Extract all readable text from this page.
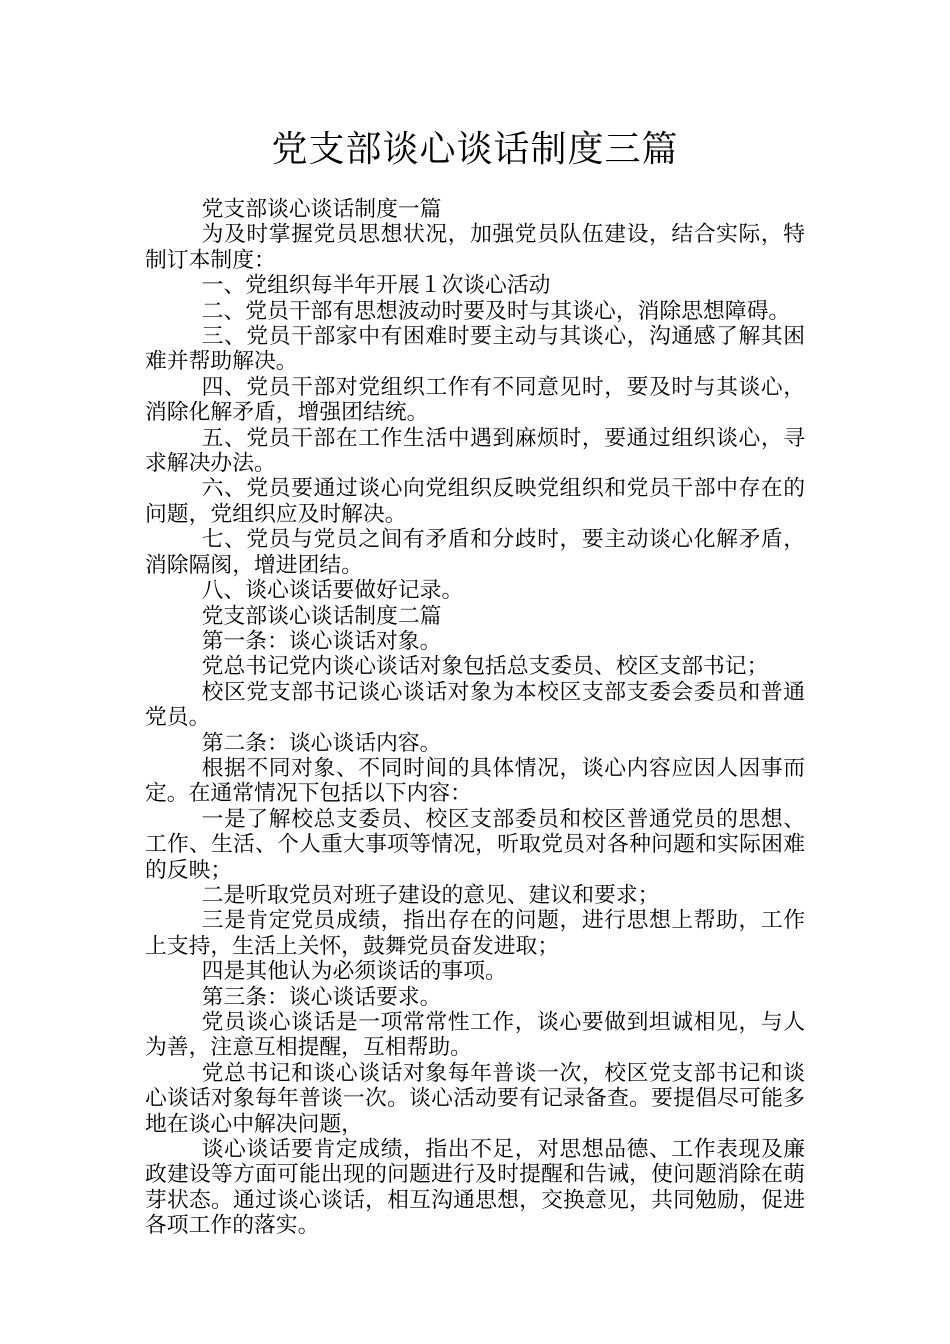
党支部谈心谈话制度三篇

党支部谈心谈话制度一篇

为及时掌握党员思想状况，加强党员队伍建设，结合实际，特制订本制度：

一、党组织每半年开展１次谈心活动

二、党员干部有思想波动时要及时与其谈心，消除思想障碍。

三、党员干部家中有困难时要主动与其谈心，沟通感了解其困难并帮助解决。

四、党员干部对党组织工作有不同意见时，要及时与其谈心，消除化解矛盾，增强团结统。

五、党员干部在工作生活中遇到麻烦时，要通过组织谈心，寻求解决办法。

六、党员要通过谈心向党组织反映党组织和党员干部中存在的问题，党组织应及时解决。

七、党员与党员之间有矛盾和分歧时，要主动谈心化解矛盾，消除隔阂，增进团结。

八、谈心谈话要做好记录。

党支部谈心谈话制度二篇

第一条：谈心谈话对象。

党总书记党内谈心谈话对象包括总支委员、校区支部书记；

校区党支部书记谈心谈话对象为本校区支部支委会委员和普通党员。

第二条：谈心谈话内容。

根据不同对象、不同时间的具体情况，谈心内容应因人因事而定。在通常情况下包括以下内容：

一是了解校总支委员、校区支部委员和校区普通党员的思想、工作、生活、个人重大事项等情况，听取党员对各种问题和实际困难的反映；

二是听取党员对班子建设的意见、建议和要求；

三是肯定党员成绩，指出存在的问题，进行思想上帮助，工作上支持，生活上关怀，鼓舞党员奋发进取；

四是其他认为必须谈话的事项。

第三条：谈心谈话要求。

党员谈心谈话是一项常常性工作，谈心要做到坦诚相见，与人为善，注意互相提醒，互相帮助。

党总书记和谈心谈话对象每年普谈一次，校区党支部书记和谈心谈话对象每年普谈一次。谈心活动要有记录备查。要提倡尽可能多地在谈心中解决问题，

谈心谈话要肯定成绩，指出不足，对思想品德、工作表现及廉政建设等方面可能出现的问题进行及时提醒和告诫，使问题消除在萌芽状态。通过谈心谈话，相互沟通思想，交换意见，共同勉励，促进各项工作的落实。
